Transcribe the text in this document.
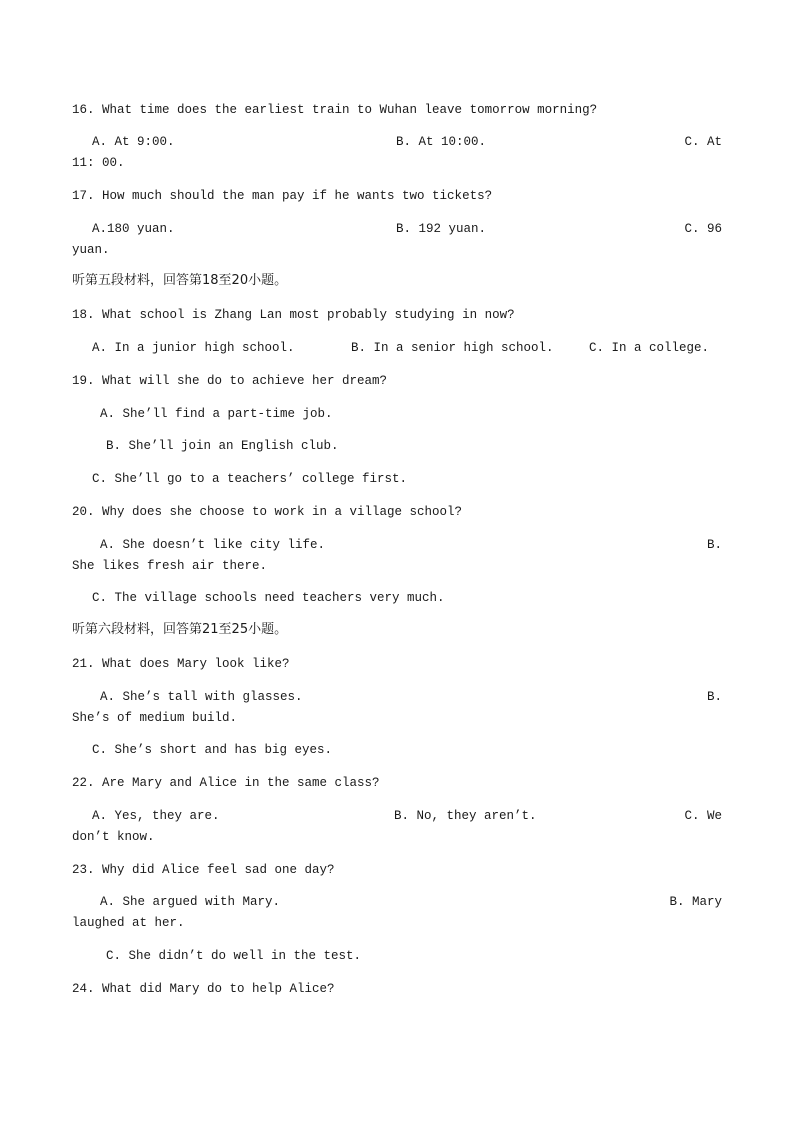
16. What time does the earliest train to Wuhan leave tomorrow morning?
A. At 9:00.	B. At 10:00.	C. At
11: 00.
17. How much should the man pay if he wants two tickets?
A.180 yuan.	B. 192 yuan.	C. 96
yuan.
听第五段材料，回答第18至20小题。
18. What school is Zhang Lan most probably studying in now?
A. In a junior high school.	B. In a senior high school.	C. In a college.
19. What will she do to achieve her dream?
A. She’ll find a part-time job.
B. She’ll join an English club.
C. She’ll go to a teachers’ college first.
20. Why does she choose to work in a village school?
A. She doesn’t like city life.	B.
She likes fresh air there.
C. The village schools need teachers very much.
听第六段材料，回答第21至25小题。
21. What does Mary look like?
A. She’s tall with glasses.	B.
She’s of medium build.
C. She’s short and has big eyes.
22. Are Mary and Alice in the same class?
A. Yes, they are.	B. No, they aren’t.	C. We
don’t know.
23. Why did Alice feel sad one day?
A. She argued with Mary.	B. Mary
laughed at her.
C. She didn’t do well in the test.
24. What did Mary do to help Alice?
